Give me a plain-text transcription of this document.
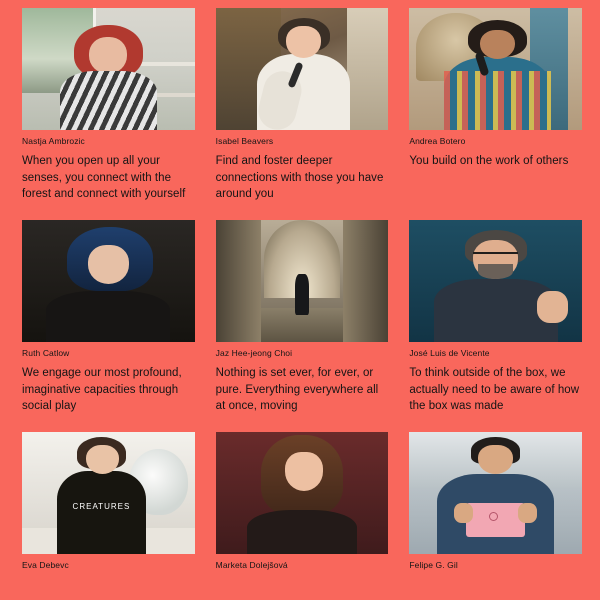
Nastja Ambrozic
When you open up all your senses, you connect with the forest and connect with yourself
Isabel Beavers
Find and foster deeper connections with those you have around you
Andrea Botero
You build on the work of others
Ruth Catlow
We engage our most profound, imaginative capacities through social play
Jaz Hee-jeong Choi
Nothing is set ever, for ever, or pure. Everything everywhere all at once, moving
José Luis de Vicente
To think outside of the box, we actually need to be aware of how the box was made
CREATURES
Eva Debevc	Marketa Dolejšová	Felipe G. Gil
